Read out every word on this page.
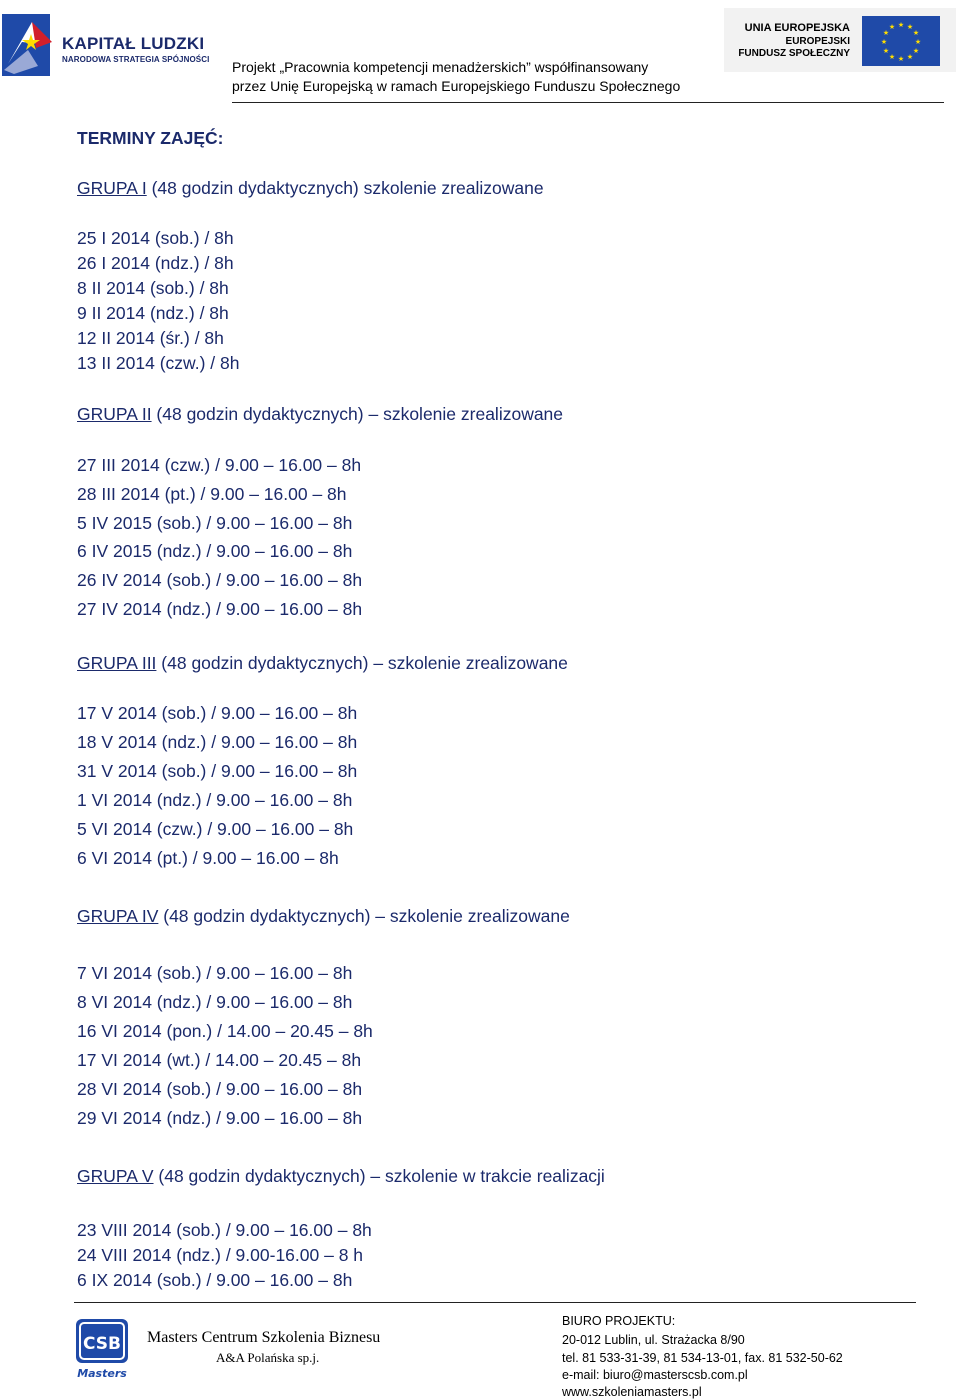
KAPITAŁ LUDZKI
NARODOWA STRATEGIA SPÓJNOŚCI Projekt „Pracownia kompetencji menadżerskich” współfinansowany
przez Unię Europejską w ramach Europejskiego Funduszu Społecznego
UNIA EUROPEJSKA
EUROPEJSKI
FUNDUSZ SPOŁECZNY
★ ★
★
★
★
★
★
★
★
★
★
★
TERMINY ZAJĘĆ:
GRUPA I (48 godzin dydaktycznych) szkolenie zrealizowane
25 I 2014 (sob.) / 8h
26 I 2014 (ndz.) / 8h
8 II 2014 (sob.) / 8h
9 II 2014 (ndz.) / 8h
12 II 2014 (śr.) / 8h
13 II 2014 (czw.) / 8h
GRUPA II (48 godzin dydaktycznych) – szkolenie zrealizowane
27 III 2014 (czw.) / 9.00 – 16.00 – 8h
28 III 2014 (pt.) / 9.00 – 16.00 – 8h
5 IV 2015 (sob.) / 9.00 – 16.00 – 8h
6 IV 2015 (ndz.) / 9.00 – 16.00 – 8h
26 IV 2014 (sob.) / 9.00 – 16.00 – 8h
27 IV 2014 (ndz.) / 9.00 – 16.00 – 8h
GRUPA III (48 godzin dydaktycznych) – szkolenie zrealizowane
17 V 2014 (sob.) / 9.00 – 16.00 – 8h
18 V 2014 (ndz.) / 9.00 – 16.00 – 8h
31 V 2014 (sob.) / 9.00 – 16.00 – 8h
1 VI 2014 (ndz.) / 9.00 – 16.00 – 8h
5 VI 2014 (czw.) / 9.00 – 16.00 – 8h
6 VI 2014 (pt.) / 9.00 – 16.00 – 8h
GRUPA IV (48 godzin dydaktycznych) – szkolenie zrealizowane
7 VI 2014 (sob.) / 9.00 – 16.00 – 8h
8 VI 2014 (ndz.) / 9.00 – 16.00 – 8h
16 VI 2014 (pon.) / 14.00 – 20.45 – 8h
17 VI 2014 (wt.) / 14.00 – 20.45 – 8h
28 VI 2014 (sob.) / 9.00 – 16.00 – 8h
29 VI 2014 (ndz.) / 9.00 – 16.00 – 8h
GRUPA V (48 godzin dydaktycznych) – szkolenie w trakcie realizacji
23 VIII 2014 (sob.) / 9.00 – 16.00 – 8h
24 VIII 2014 (ndz.) / 9.00-16.00 – 8 h
6 IX 2014 (sob.) / 9.00 – 16.00 – 8h
CSB
Masters
Masters Centrum Szkolenia Biznesu
A&A Polańska sp.j.
BIURO PROJEKTU:
20-012 Lublin, ul. Strażacka 8/90
tel. 81 533-31-39, 81 534-13-01, fax. 81 532-50-62
e-mail: biuro@masterscsb.com.pl
www.szkoleniamasters.pl
